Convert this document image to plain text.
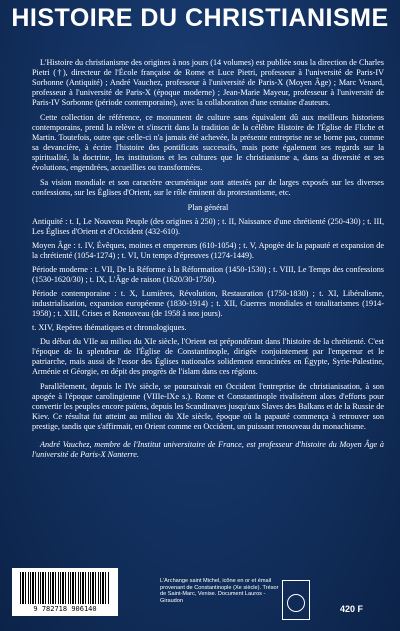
HISTOIRE DU CHRISTIANISME

L'Histoire du christianisme des origines à nos jours (14 volumes) est publiée sous la direction de Charles Pietri (†), directeur de l'École française de Rome et Luce Pietri, professeur à l'université de Paris-IV Sorbonne (Antiquité) ; André Vauchez, professeur à l'université de Paris-X (Moyen Âge) ; Marc Venard, professeur à l'université de Paris-X (époque moderne) ; Jean-Marie Mayeur, professeur à l'université de Paris-IV Sorbonne (période contemporaine), avec la collaboration d'une centaine d'auteurs.

Cette collection de référence, ce monument de culture sans équivalent dû aux meilleurs historiens contemporains, prend la relève et s'inscrit dans la tradition de la célèbre Histoire de l'Église de Fliche et Martin. Toutefois, outre que celle-ci n'a jamais été achevée, la présente entreprise ne se borne pas, comme sa devancière, à écrire l'histoire des pontificats successifs, mais porte également ses regards sur la spiritualité, la doctrine, les institutions et les cultures que le christianisme a, dans sa diversité et ses évolutions, engendrées, accueillies ou transformées.

Sa vision mondiale et son caractère œcuménique sont attestés par de larges exposés sur les diverses confessions, sur les Églises d'Orient, sur le rôle éminent du protestantisme, etc.

Plan général

Antiquité : t. I, Le Nouveau Peuple (des origines à 250) ; t. II, Naissance d'une chrétienté (250-430) ; t. III, Les Églises d'Orient et d'Occident (432-610).

Moyen Âge : t. IV, Évêques, moines et empereurs (610-1054) ; t. V, Apogée de la papauté et expansion de la chrétienté (1054-1274) ; t. VI, Un temps d'épreuves (1274-1449).

Période moderne : t. VII, De la Réforme à la Réformation (1450-1530) ; t. VIII, Le Temps des confessions (1530-1620/30) ; t. IX, L'Âge de raison (1620/30-1750).

Période contemporaine : t. X, Lumières, Révolution, Restauration (1750-1830) ; t. XI, Libéralisme, industrialisation, expansion européenne (1830-1914) ; t. XII, Guerres mondiales et totalitarismes (1914-1958) ; t. XIII, Crises et Renouveau (de 1958 à nos jours).

t. XIV, Repères thématiques et chronologiques.

Du début du VIIe au milieu du XIe siècle, l'Orient est prépondérant dans l'histoire de la chrétienté. C'est l'époque de la splendeur de l'Église de Constantinople, dirigée conjointement par l'empereur et le patriarche, mais aussi de l'essor des Églises nationales solidement enracinées en Égypte, Syrie-Palestine, Arménie et Géorgie, en dépit des progrès de l'islam dans ces régions.

Parallèlement, depuis le IVe siècle, se poursuivait en Occident l'entreprise de christianisation, à son apogée à l'époque carolingienne (VIIIe-IXe s.). Rome et Constantinople rivalisèrent alors d'efforts pour convertir les peuples encore païens, depuis les Scandinaves jusqu'aux Slaves des Balkans et de la Russie de Kiev. Ce résultat fut atteint au milieu du XIe siècle, époque où la papauté commença à retrouver son prestige, tandis que s'affirmait, en Orient comme en Occident, un puissant renouveau du monachisme.

André Vauchez, membre de l'Institut universitaire de France, est professeur d'histoire du Moyen Âge à l'université de Paris-X Nanterre.

9 782718 906140
L'Archange saint Michel, icône en or et émail provenant de Constantinople (Xe siècle). Trésor de Saint-Marc, Venise. Document Lauros - Giraudon
420 F
